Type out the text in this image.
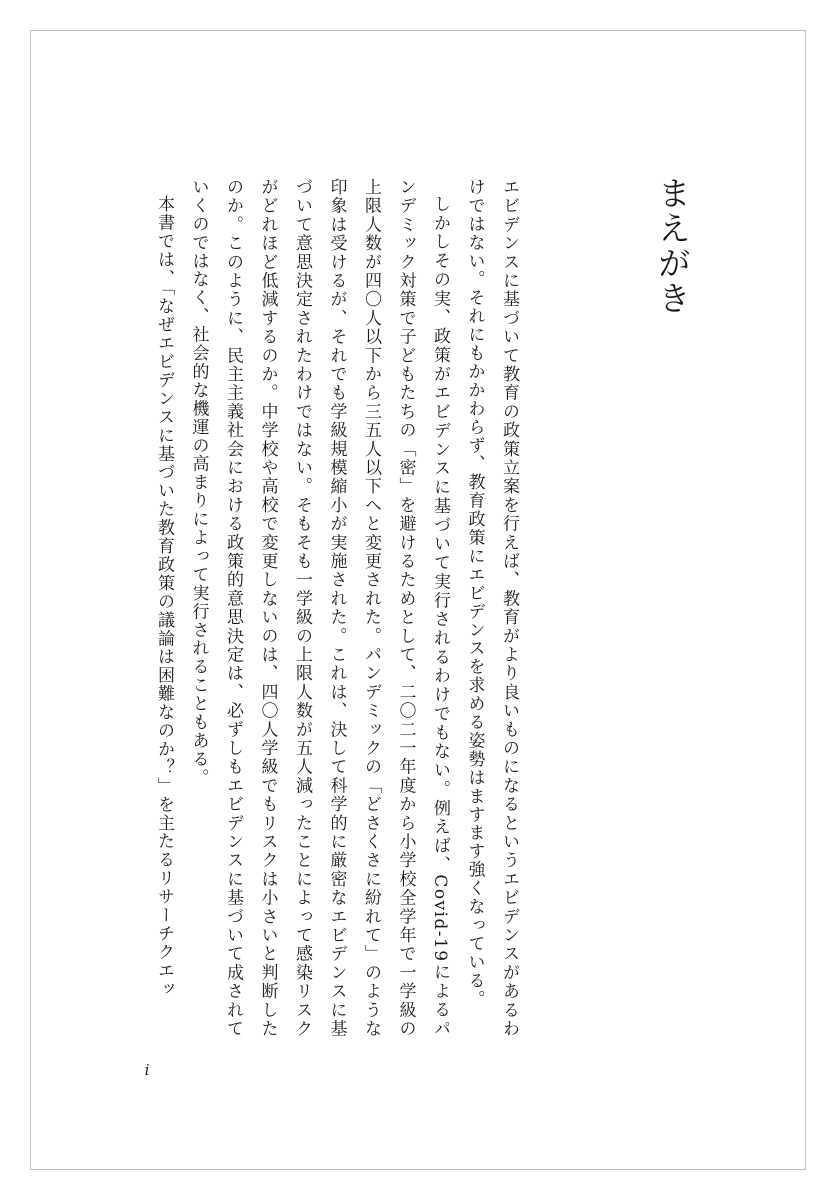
まえがき

エビデンスに基づいて教育の政策立案を行えば、教育がより良いものになるというエビデンスがあるわけではない。それにもかかわらず、教育政策にエビデンスを求める姿勢はますます強くなっている。

しかしその実、政策がエビデンスに基づいて実行されるわけでもない。例えば、Covid-19によるパンデミック対策で子どもたちの「密」を避けるためとして、二〇二一年度から小学校全学年で一学級の上限人数が四〇人以下から三五人以下へと変更された。パンデミックの「どさくさに紛れて」のような印象は受けるが、それでも学級規模縮小が実施された。これは、決して科学的に厳密なエビデンスに基づいて意思決定されたわけではない。そもそも一学級の上限人数が五人減ったことによって感染リスクがどれほど低減するのか。中学校や高校で変更しないのは、四〇人学級でもリスクは小さいと判断したのか。このように、民主主義社会における政策的意思決定は、必ずしもエビデンスに基づいて成されていくのではなく、社会的な機運の高まりによって実行されることもある。

本書では、「なぜエビデンスに基づいた教育政策の議論は困難なのか？」を主たるリサーチクエッ

i
